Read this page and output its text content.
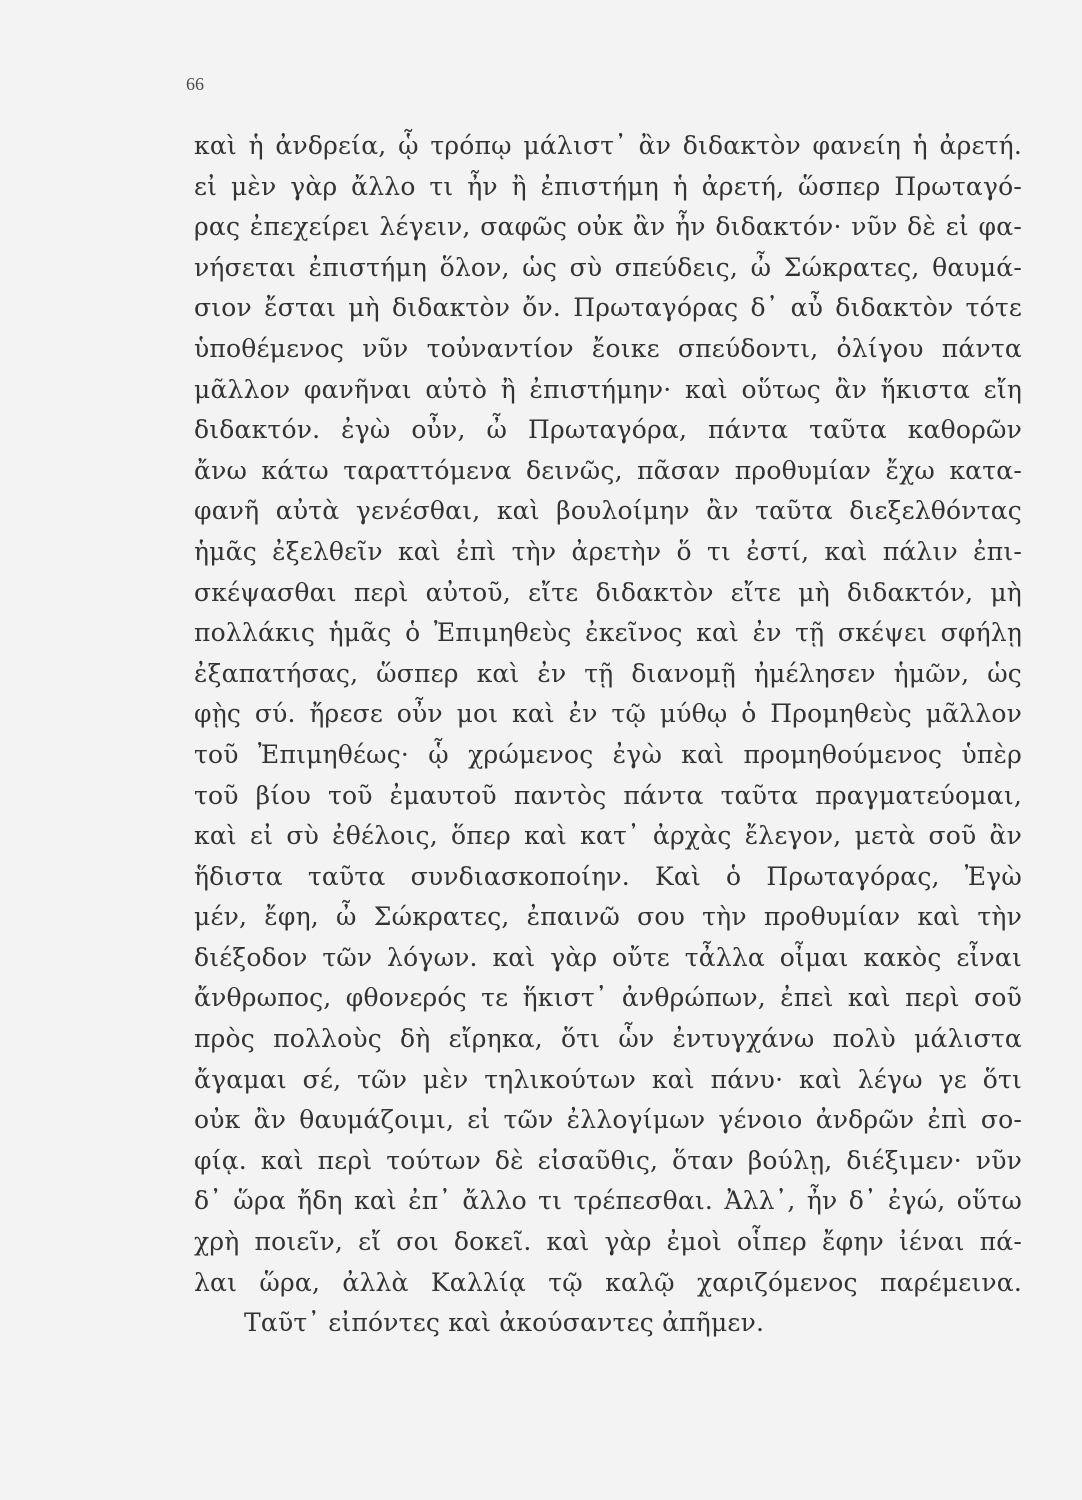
66
καὶ ἡ ἀνδρεία, ᾧ τρόπῳ μάλιστ᾿ ἂν διδακτὸν φανείη ἡ ἀρετή.
εἰ μὲν γὰρ ἄλλο τι ἦν ἢ ἐπιστήμη ἡ ἀρετή, ὥσπερ Πρωταγό-
ρας ἐπεχείρει λέγειν, σαφῶς οὐκ ἂν ἦν διδακτόν· νῦν δὲ εἰ φα-
νήσεται ἐπιστήμη ὅλον, ὡς σὺ σπεύδεις, ὦ Σώκρατες, θαυμά-
σιον ἔσται μὴ διδακτὸν ὄν. Πρωταγόρας δ᾿ αὖ διδακτὸν τότε
ὑποθέμενος νῦν τοὐναντίον ἔοικε σπεύδοντι, ὀλίγου πάντα
μᾶλλον φανῆναι αὐτὸ ἢ ἐπιστήμην· καὶ οὕτως ἂν ἥκιστα εἴη
διδακτόν. ἐγὼ οὖν, ὦ Πρωταγόρα, πάντα ταῦτα καθορῶν
ἄνω κάτω ταραττόμενα δεινῶς, πᾶσαν προθυμίαν ἔχω κατα-
φανῆ αὐτὰ γενέσθαι, καὶ βουλοίμην ἂν ταῦτα διεξελθόντας
ἡμᾶς ἐξελθεῖν καὶ ἐπὶ τὴν ἀρετὴν ὅ τι ἐστί, καὶ πάλιν ἐπι-
σκέψασθαι περὶ αὐτοῦ, εἴτε διδακτὸν εἴτε μὴ διδακτόν, μὴ
πολλάκις ἡμᾶς ὁ Ἐπιμηθεὺς ἐκεῖνος καὶ ἐν τῇ σκέψει σφήλῃ
ἐξαπατήσας, ὥσπερ καὶ ἐν τῇ διανομῇ ἠμέλησεν ἡμῶν, ὡς
φῂς σύ. ἤρεσε οὖν μοι καὶ ἐν τῷ μύθῳ ὁ Προμηθεὺς μᾶλλον
τοῦ Ἐπιμηθέως· ᾧ χρώμενος ἐγὼ καὶ προμηθούμενος ὑπὲρ
τοῦ βίου τοῦ ἐμαυτοῦ παντὸς πάντα ταῦτα πραγματεύομαι,
καὶ εἰ σὺ ἐθέλοις, ὅπερ καὶ κατ᾿ ἀρχὰς ἔλεγον, μετὰ σοῦ ἂν
ἥδιστα ταῦτα συνδιασκοποίην. Καὶ ὁ Πρωταγόρας, Ἐγὼ
μέν, ἔφη, ὦ Σώκρατες, ἐπαινῶ σου τὴν προθυμίαν καὶ τὴν
διέξοδον τῶν λόγων. καὶ γὰρ οὔτε τἆλλα οἶμαι κακὸς εἶναι
ἄνθρωπος, φθονερός τε ἥκιστ᾿ ἀνθρώπων, ἐπεὶ καὶ περὶ σοῦ
πρὸς πολλοὺς δὴ εἴρηκα, ὅτι ὧν ἐντυγχάνω πολὺ μάλιστα
ἄγαμαι σέ, τῶν μὲν τηλικούτων καὶ πάνυ· καὶ λέγω γε ὅτι
οὐκ ἂν θαυμάζοιμι, εἰ τῶν ἐλλογίμων γένοιο ἀνδρῶν ἐπὶ σο-
φίᾳ. καὶ περὶ τούτων δὲ εἰσαῦθις, ὅταν βούλῃ, διέξιμεν· νῦν
δ᾿ ὥρα ἤδη καὶ ἐπ᾿ ἄλλο τι τρέπεσθαι. Ἀλλ᾿, ἦν δ᾿ ἐγώ, οὕτω
χρὴ ποιεῖν, εἴ σοι δοκεῖ. καὶ γὰρ ἐμοὶ οἷπερ ἔφην ἰέναι πά-
λαι ὥρα, ἀλλὰ Καλλίᾳ τῷ καλῷ χαριζόμενος παρέμεινα.
Ταῦτ᾿ εἰπόντες καὶ ἀκούσαντες ἀπῆμεν.
